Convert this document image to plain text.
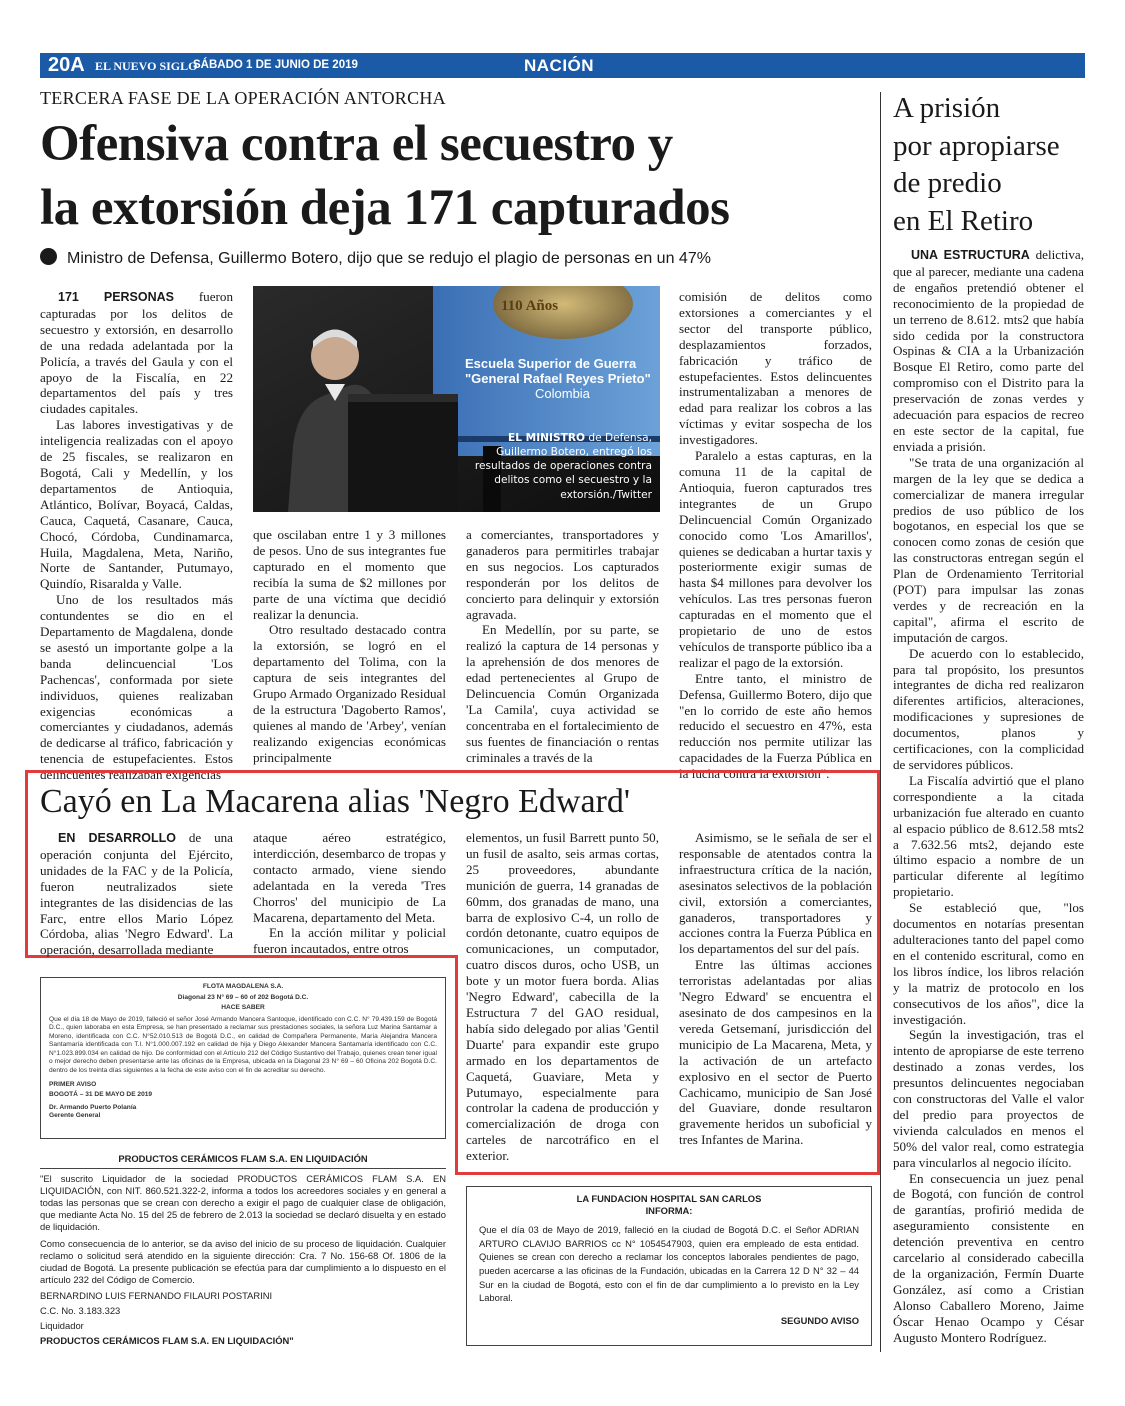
20A EL NUEVO SIGLO
SÁBADO 1 DE JUNIO DE 2019	NACIÓN
TERCERA FASE DE LA OPERACIÓN ANTORCHA
Ofensiva contra el secuestro y
la extorsión deja 171 capturados
Ministro de Defensa, Guillermo Botero, dijo que se redujo el plagio de personas en un 47%

171 PERSONAS fueron capturadas por los delitos de secuestro y extorsión, en desarrollo de una redada adelantada por la Policía, a través del Gaula y con el apoyo de la Fiscalía, en 22 departamentos del país y tres ciudades capitales.

Las labores investigativas y de inteligencia realizadas con el apoyo de 25 fiscales, se realizaron en Bogotá, Cali y Medellín, y los departamentos de Antioquia, Atlántico, Bolívar, Boyacá, Caldas, Cauca, Caquetá, Casanare, Cauca, Chocó, Córdoba, Cundinamarca, Huila, Magdalena, Meta, Nariño, Norte de Santander, Putumayo, Quindío, Risaralda y Valle.

Uno de los resultados más contundentes se dio en el Departamento de Magdalena, donde se asestó un importante golpe a la banda delincuencial 'Los Pachencas', conformada por siete individuos, quienes realizaban exigencias económicas a comerciantes y ciudadanos, además de dedicarse al tráfico, fabricación y tenencia de estupefacientes. Estos delincuentes realizaban exigencias

110 Años
Escuela Superior de Guerra
"General Rafael Reyes Prieto"
Colombia
EL MINISTRO de Defensa, Guillermo Botero, entregó los resultados de operaciones contra delitos como el secuestro y la extorsión./Twitter

que oscilaban entre 1 y 3 millones de pesos. Uno de sus integrantes fue capturado en el momento que recibía la suma de $2 millones por parte de una víctima que decidió realizar la denuncia.

Otro resultado destacado contra la extorsión, se logró en el departamento del Tolima, con la captura de seis integrantes del Grupo Armado Organizado Residual de la estructura 'Dagoberto Ramos', quienes al mando de 'Arbey', venían realizando exigencias económicas principalmente

a comerciantes, transportadores y ganaderos para permitirles trabajar en sus negocios. Los capturados responderán por los delitos de concierto para delinquir y extorsión agravada.

En Medellín, por su parte, se realizó la captura de 14 personas y la aprehensión de dos menores de edad pertenecientes al Grupo de Delincuencia Común Organizada 'La Camila', cuya actividad se concentraba en el fortalecimiento de sus fuentes de financiación o rentas criminales a través de la

comisión de delitos como extorsiones a comerciantes y el sector del transporte público, desplazamientos forzados, fabricación y tráfico de estupefacientes. Estos delincuentes instrumentalizaban a menores de edad para realizar los cobros a las víctimas y evitar sospecha de los investigadores.

Paralelo a estas capturas, en la comuna 11 de la capital de Antioquia, fueron capturados tres integrantes de un Grupo Delincuencial Común Organizado conocido como 'Los Amarillos', quienes se dedicaban a hurtar taxis y posteriormente exigir sumas de hasta $4 millones para devolver los vehículos. Las tres personas fueron capturadas en el momento que el propietario de uno de estos vehículos de transporte público iba a realizar el pago de la extorsión.

Entre tanto, el ministro de Defensa, Guillermo Botero, dijo que "en lo corrido de este año hemos reducido el secuestro en 47%, esta reducción nos permite utilizar las capacidades de la Fuerza Pública en la lucha contra la extorsión".

A prisión
por apropiarse
de predio
en El Retiro

UNA ESTRUCTURA delictiva, que al parecer, mediante una cadena de engaños pretendió obtener el reconocimiento de la propiedad de un terreno de 8.612. mts2 que había sido cedida por la constructora Ospinas & CIA a la Urbanización Bosque El Retiro, como parte del compromiso con el Distrito para la preservación de zonas verdes y adecuación para espacios de recreo en este sector de la capital, fue enviada a prisión.

"Se trata de una organización al margen de la ley que se dedica a comercializar de manera irregular predios de uso público de los bogotanos, en especial los que se conocen como zonas de cesión que las constructoras entregan según el Plan de Ordenamiento Territorial (POT) para impulsar las zonas verdes y de recreación en la capital", afirma el escrito de imputación de cargos.

De acuerdo con lo establecido, para tal propósito, los presuntos integrantes de dicha red realizaron diferentes artificios, alteraciones, modificaciones y supresiones de documentos, planos y certificaciones, con la complicidad de servidores públicos.

La Fiscalía advirtió que el plano correspondiente a la citada urbanización fue alterado en cuanto al espacio público de 8.612.58 mts2 a 7.632.56 mts2, dejando este último espacio a nombre de un particular diferente al legítimo propietario.

Se estableció que, "los documentos en notarías presentan adulteraciones tanto del papel como en el contenido escritural, como en los libros índice, los libros relación y la matriz de protocolo en los consecutivos de los años", dice la investigación.

Según la investigación, tras el intento de apropiarse de este terreno destinado a zonas verdes, los presuntos delincuentes negociaban con constructoras del Valle el valor del predio para proyectos de vivienda calculados en menos el 50% del valor real, como estrategia para vincularlos al negocio ilícito.

En consecuencia un juez penal de Bogotá, con función de control de garantías, profirió medida de aseguramiento consistente en detención preventiva en centro carcelario al considerado cabecilla de la organización, Fermín Duarte González, así como a Cristian Alonso Caballero Moreno, Jaime Óscar Henao Ocampo y César Augusto Montero Rodríguez.

Cayó en La Macarena alias 'Negro Edward'

EN DESARROLLO de una operación conjunta del Ejército, unidades de la FAC y de la Policía, fueron neutralizados siete integrantes de las disidencias de las Farc, entre ellos Mario López Córdoba, alias 'Negro Edward'. La operación, desarrollada mediante

ataque aéreo estratégico, interdicción, desembarco de tropas y contacto armado, viene siendo adelantada en la vereda 'Tres Chorros' del municipio de La Macarena, departamento del Meta.

En la acción militar y policial fueron incautados, entre otros

elementos, un fusil Barrett punto 50, un fusil de asalto, seis armas cortas, 25 proveedores, abundante munición de guerra, 14 granadas de 60mm, dos granadas de mano, una barra de explosivo C-4, un rollo de cordón detonante, cuatro equipos de comunicaciones, un computador, cuatro discos duros, ocho USB, un bote y un motor fuera borda. Alias 'Negro Edward', cabecilla de la Estructura 7 del GAO residual, había sido delegado por alias 'Gentil Duarte' para expandir este grupo armado en los departamentos de Caquetá, Guaviare, Meta y Putumayo, especialmente para controlar la cadena de producción y comercialización de droga con carteles de narcotráfico en el exterior.

Asimismo, se le señala de ser el responsable de atentados contra la infraestructura crítica de la nación, asesinatos selectivos de la población civil, extorsión a comerciantes, ganaderos, transportadores y acciones contra la Fuerza Pública en los departamentos del sur del país.

Entre las últimas acciones terroristas adelantadas por alias 'Negro Edward' se encuentra el asesinato de dos campesinos en la vereda Getsemaní, jurisdicción del municipio de La Macarena, Meta, y la activación de un artefacto explosivo en el sector de Puerto Cachicamo, municipio de San José del Guaviare, donde resultaron gravemente heridos un suboficial y tres Infantes de Marina.

FLOTA MAGDALENA S.A.
Diagonal 23 N° 69 – 60 of 202 Bogotá D.C.
HACE SABER
Que el día 18 de Mayo de 2019, falleció el señor José Armando Mancera Santoque, identificado con C.C. N° 79.439.159 de Bogotá D.C., quien laboraba en esta Empresa, se han presentado a reclamar sus prestaciones sociales, la señora Luz Marina Santamar a Moreno, identificada con C.C. N°52.010.513 de Bogotá D.C., en calidad de Compañera Permanente, María Alejandra Mancera Santamaría identificada con T.I. N°1.000.007.192 en calidad de hija y Diego Alexander Mancera Santamaría identificado con C.C. N°1.023.899.034 en calidad de hijo. De conformidad con el Artículo 212 del Código Sustantivo del Trabajo, quienes crean tener igual o mejor derecho deben presentarse ante las oficinas de la Empresa, ubicada en la Diagonal 23 N° 69 – 60 Oficina 202 Bogotá D.C. dentro de los treinta días siguientes a la fecha de este aviso con el fin de acreditar su derecho.
PRIMER AVISO
BOGOTÁ – 31 DE MAYO DE 2019
Dr. Armando Puerto Polanía
Gerente General
PRODUCTOS CERÁMICOS FLAM S.A. EN LIQUIDACIÓN
"El suscrito Liquidador de la sociedad PRODUCTOS CERÁMICOS FLAM S.A. EN LIQUIDACIÓN, con NIT. 860.521.322-2, informa a todos los acreedores sociales y en general a todas las personas que se crean con derecho a exigir el pago de cualquier clase de obligación, que mediante Acta No. 15 del 25 de febrero de 2.013 la sociedad se declaró disuelta y en estado de liquidación.
Como consecuencia de lo anterior, se da aviso del inicio de su proceso de liquidación. Cualquier reclamo o solicitud será atendido en la siguiente dirección: Cra. 7 No. 156-68 Of. 1806 de la ciudad de Bogotá. La presente publicación se efectúa para dar cumplimiento a lo dispuesto en el artículo 232 del Código de Comercio.
BERNARDINO LUIS FERNANDO FILAURI POSTARINI
C.C. No. 3.183.323
Liquidador
PRODUCTOS CERÁMICOS FLAM S.A. EN LIQUIDACIÓN"
LA FUNDACION HOSPITAL SAN CARLOS
INFORMA:
Que el día 03 de Mayo de 2019, falleció en la ciudad de Bogotá D.C. el Señor ADRIAN ARTURO CLAVIJO BARRIOS cc N° 1054547903, quien era empleado de esta entidad. Quienes se crean con derecho a reclamar los conceptos laborales pendientes de pago, pueden acercarse a las oficinas de la Fundación, ubicadas en la Carrera 12 D N° 32 – 44 Sur en la ciudad de Bogotá, esto con el fin de dar cumplimiento a lo previsto en la Ley Laboral.
SEGUNDO AVISO
